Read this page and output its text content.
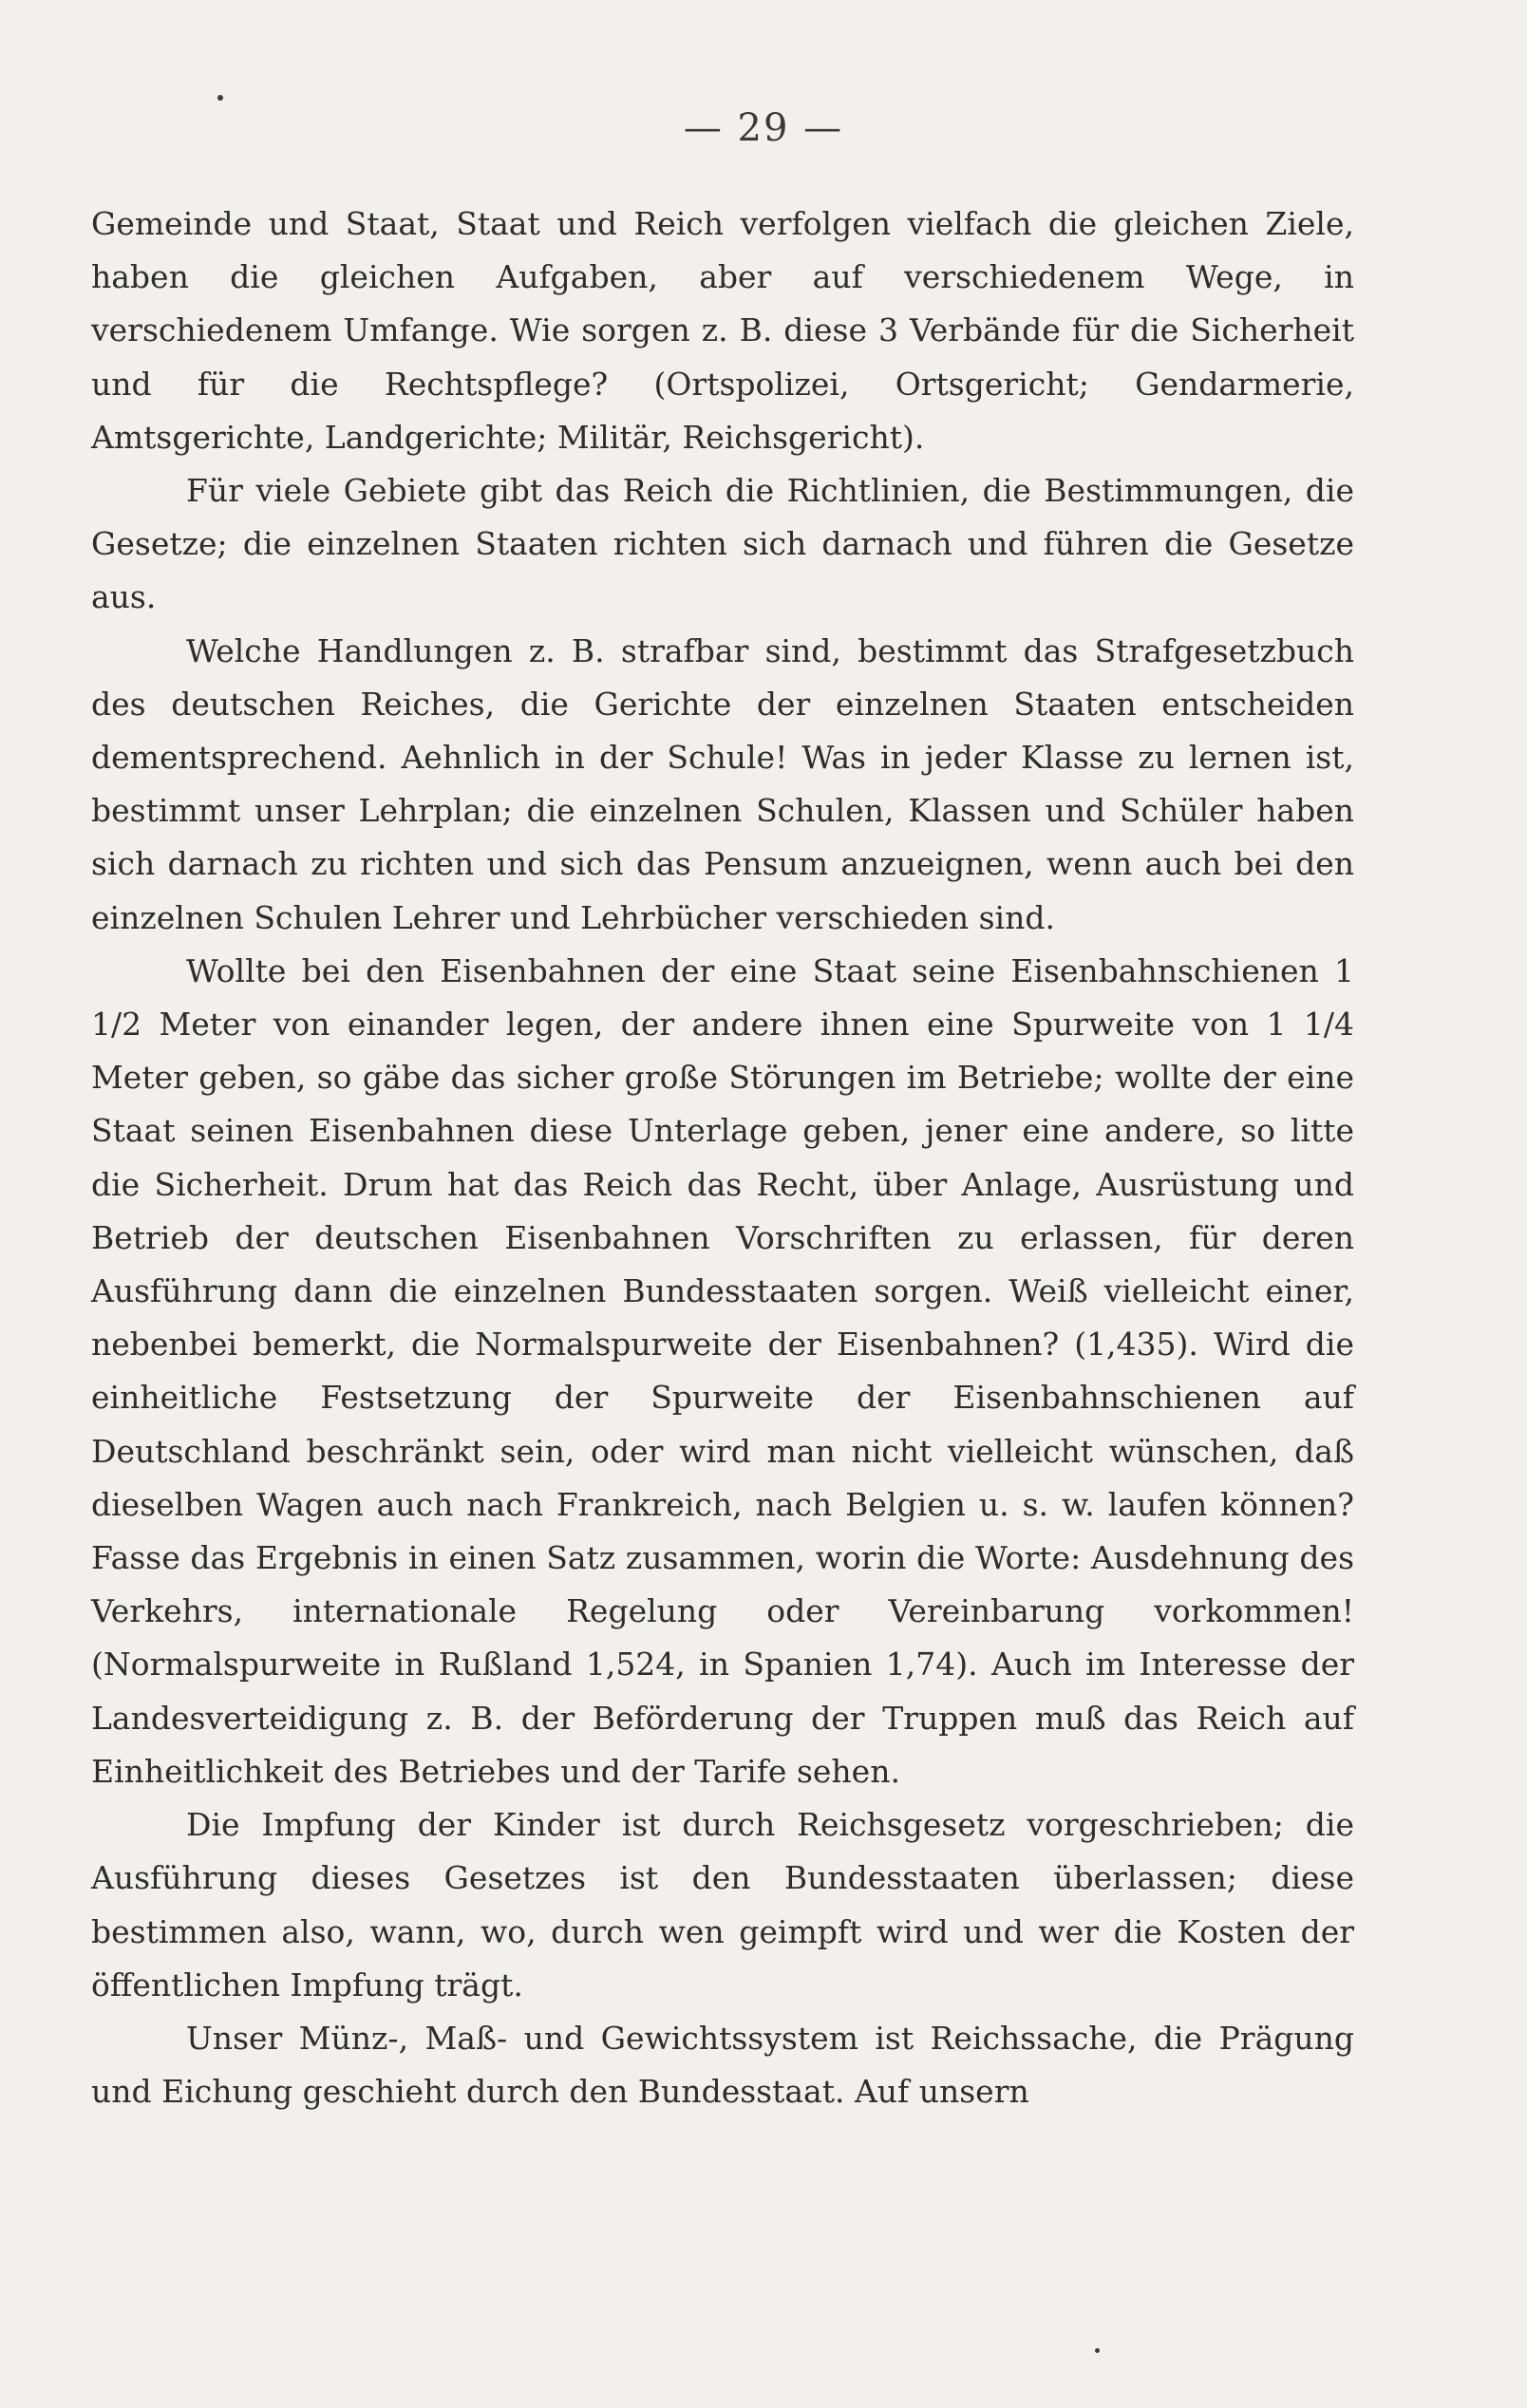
— 29 —

Gemeinde und Staat, Staat und Reich verfolgen vielfach die gleichen Ziele, haben die gleichen Aufgaben, aber auf verschiedenem Wege, in verschiedenem Umfange. Wie sorgen z. B. diese 3 Verbände für die Sicherheit und für die Rechtspflege? (Ortspolizei, Ortsgericht; Gendarmerie, Amtsgerichte, Landgerichte; Militär, Reichsgericht).

Für viele Gebiete gibt das Reich die Richtlinien, die Bestimmungen, die Gesetze; die einzelnen Staaten richten sich darnach und führen die Gesetze aus.

Welche Handlungen z. B. strafbar sind, bestimmt das Strafgesetzbuch des deutschen Reiches, die Gerichte der einzelnen Staaten entscheiden dementsprechend. Aehnlich in der Schule! Was in jeder Klasse zu lernen ist, bestimmt unser Lehrplan; die einzelnen Schulen, Klassen und Schüler haben sich darnach zu richten und sich das Pensum anzueignen, wenn auch bei den einzelnen Schulen Lehrer und Lehrbücher verschieden sind.

Wollte bei den Eisenbahnen der eine Staat seine Eisenbahnschienen 1 1/2 Meter von einander legen, der andere ihnen eine Spurweite von 1 1/4 Meter geben, so gäbe das sicher große Störungen im Betriebe; wollte der eine Staat seinen Eisenbahnen diese Unterlage geben, jener eine andere, so litte die Sicherheit. Drum hat das Reich das Recht, über Anlage, Ausrüstung und Betrieb der deutschen Eisenbahnen Vorschriften zu erlassen, für deren Ausführung dann die einzelnen Bundesstaaten sorgen. Weiß vielleicht einer, nebenbei bemerkt, die Normalspurweite der Eisenbahnen? (1,435). Wird die einheitliche Festsetzung der Spurweite der Eisenbahnschienen auf Deutschland beschränkt sein, oder wird man nicht vielleicht wünschen, daß dieselben Wagen auch nach Frankreich, nach Belgien u. s. w. laufen können? Fasse das Ergebnis in einen Satz zusammen, worin die Worte: Ausdehnung des Verkehrs, internationale Regelung oder Vereinbarung vorkommen! (Normalspurweite in Rußland 1,524, in Spanien 1,74). Auch im Interesse der Landesverteidigung z. B. der Beförderung der Truppen muß das Reich auf Einheitlichkeit des Betriebes und der Tarife sehen.

Die Impfung der Kinder ist durch Reichsgesetz vorgeschrieben; die Ausführung dieses Gesetzes ist den Bundesstaaten überlassen; diese bestimmen also, wann, wo, durch wen geimpft wird und wer die Kosten der öffentlichen Impfung trägt.

Unser Münz-, Maß- und Gewichtssystem ist Reichssache, die Prägung und Eichung geschieht durch den Bundesstaat. Auf unsern
